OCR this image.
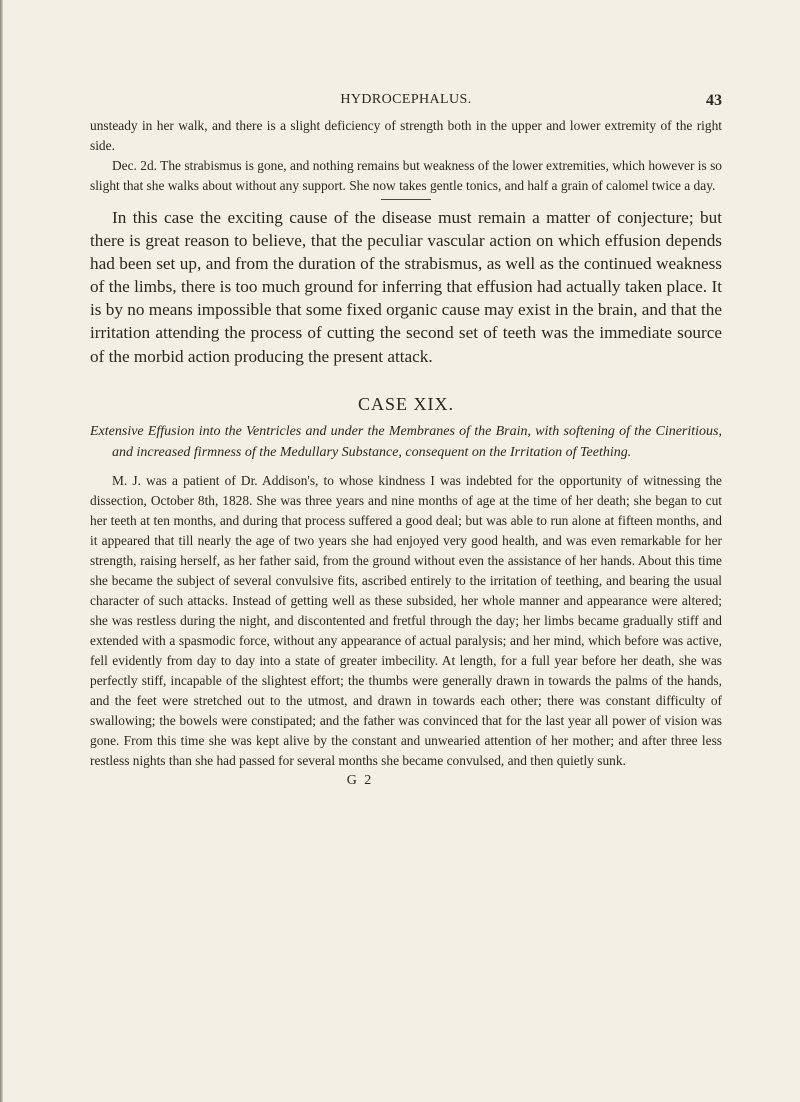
HYDROCEPHALUS.	43

unsteady in her walk, and there is a slight deficiency of strength both in the upper and lower extremity of the right side.

Dec. 2d. The strabismus is gone, and nothing remains but weakness of the lower extremities, which however is so slight that she walks about without any support. She now takes gentle tonics, and half a grain of calomel twice a day.

In this case the exciting cause of the disease must remain a matter of conjecture; but there is great reason to believe, that the peculiar vascular action on which effusion depends had been set up, and from the duration of the strabismus, as well as the continued weakness of the limbs, there is too much ground for inferring that effusion had actually taken place. It is by no means impossible that some fixed organic cause may exist in the brain, and that the irritation attending the process of cutting the second set of teeth was the immediate source of the morbid action producing the present attack.

CASE XIX.

Extensive Effusion into the Ventricles and under the Membranes of the Brain, with softening of the Cineritious, and increased firmness of the Medullary Substance, consequent on the Irritation of Teething.

M. J. was a patient of Dr. Addison's, to whose kindness I was indebted for the opportunity of witnessing the dissection, October 8th, 1828. She was three years and nine months of age at the time of her death; she began to cut her teeth at ten months, and during that process suffered a good deal; but was able to run alone at fifteen months, and it appeared that till nearly the age of two years she had enjoyed very good health, and was even remarkable for her strength, raising herself, as her father said, from the ground without even the assistance of her hands. About this time she became the subject of several convulsive fits, ascribed entirely to the irritation of teething, and bearing the usual character of such attacks. Instead of getting well as these subsided, her whole manner and appearance were altered; she was restless during the night, and discontented and fretful through the day; her limbs became gradually stiff and extended with a spasmodic force, without any appearance of actual paralysis; and her mind, which before was active, fell evidently from day to day into a state of greater imbecility. At length, for a full year before her death, she was perfectly stiff, incapable of the slightest effort; the thumbs were generally drawn in towards the palms of the hands, and the feet were stretched out to the utmost, and drawn in towards each other; there was constant difficulty of swallowing; the bowels were constipated; and the father was convinced that for the last year all power of vision was gone. From this time she was kept alive by the constant and unwearied attention of her mother; and after three less restless nights than she had passed for several months she became convulsed, and then quietly sunk.

G 2
